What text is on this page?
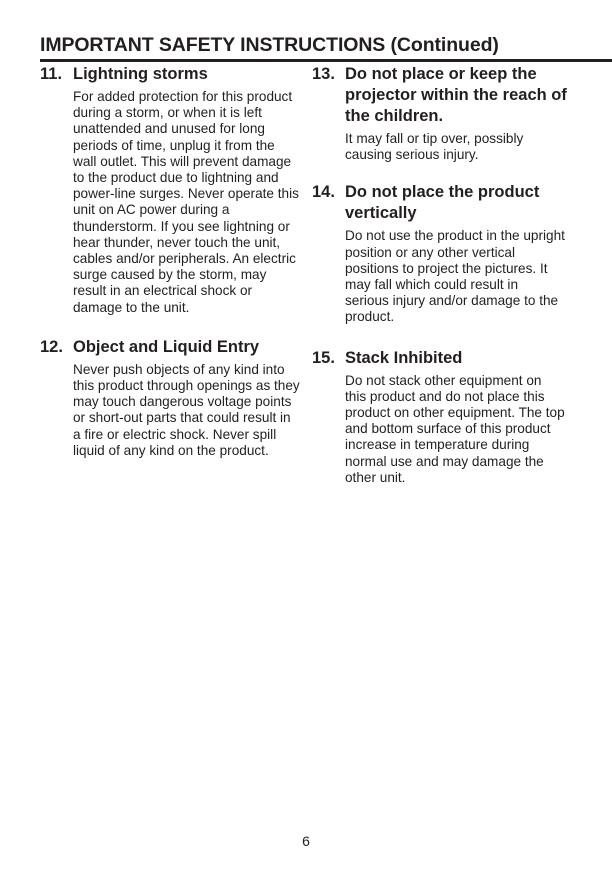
IMPORTANT SAFETY INSTRUCTIONS (Continued)
11. Lightning storms
For added protection for this product during a storm, or when it is left unattended and unused for long periods of time, unplug it from the wall outlet. This will prevent damage to the product due to lightning and power-line surges. Never operate this unit on AC power during a thunderstorm. If you see lightning or hear thunder, never touch the unit, cables and/or peripherals. An electric surge caused by the storm, may result in an electrical shock or damage to the unit.
12. Object and Liquid Entry
Never push objects of any kind into this product through openings as they may touch dangerous voltage points or short-out parts that could result in a fire or electric shock. Never spill liquid of any kind on the product.
13. Do not place or keep the projector within the reach of the children.
It may fall or tip over, possibly causing serious injury.
14. Do not place the product vertically
Do not use the product in the upright position or any other vertical positions to project the pictures. It may fall which could result in serious injury and/or damage to the product.
15. Stack Inhibited
Do not stack other equipment on this product and do not place this product on other equipment. The top and bottom surface of this product increase in temperature during normal use and may damage the other unit.
6
